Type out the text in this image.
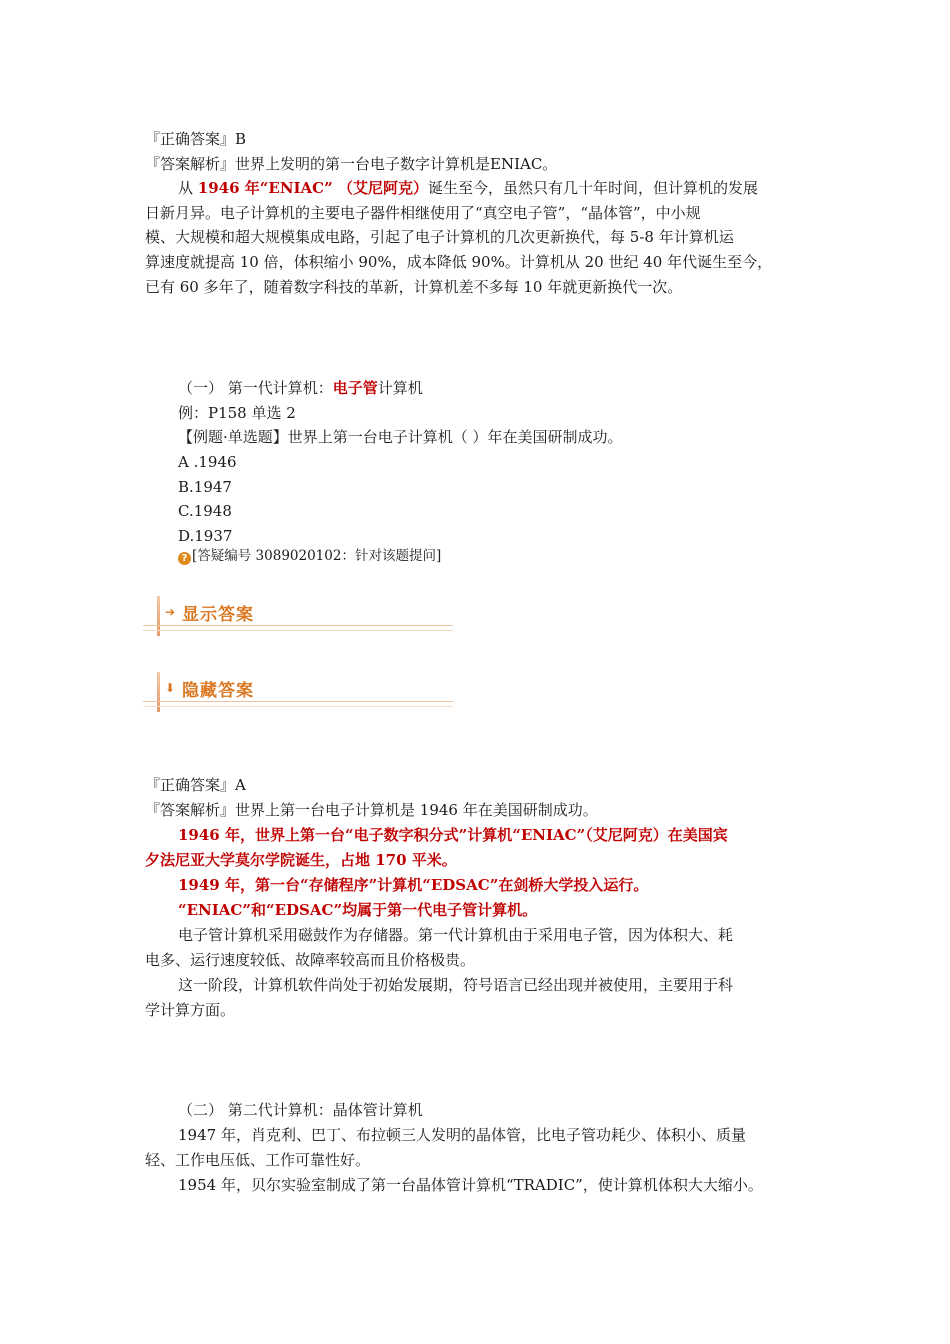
『正确答案』B
『答案解析』世界上发明的第一台电子数字计算机是ENIAC。
从 1946 年“ENIAC” （艾尼阿克）诞生至今，虽然只有几十年时间，但计算机的发展
日新月异。电子计算机的主要电子器件相继使用了“真空电子管”，“晶体管”，中小规
模、大规模和超大规模集成电路，引起了电子计算机的几次更新换代，每 5-8 年计算机运
算速度就提高 10 倍，体积缩小 90%，成本降低 90%。计算机从 20 世纪 40 年代诞生至今，
已有 60 多年了，随着数字科技的革新，计算机差不多每 10 年就更新换代一次。
（一） 第一代计算机：电子管计算机
例：P158 单选 2
【例题·单选题】世界上第一台电子计算机（ ）年在美国研制成功。
A .1946
B.1947
C.1948
D.1937
? [答疑编号 3089020102：针对该题提问]
➔ 显示答案
⬇ 隐藏答案
『正确答案』A
『答案解析』世界上第一台电子计算机是 1946 年在美国研制成功。
1946 年，世界上第一台“电子数字积分式”计算机“ENIAC”（艾尼阿克）在美国宾
夕法尼亚大学莫尔学院诞生，占地 170 平米。
1949 年，第一台“存储程序”计算机“EDSAC”在剑桥大学投入运行。
“ENIAC”和“EDSAC”均属于第一代电子管计算机。
电子管计算机采用磁鼓作为存储器。第一代计算机由于采用电子管，因为体积大、耗
电多、运行速度较低、故障率较高而且价格极贵。
这一阶段，计算机软件尚处于初始发展期，符号语言已经出现并被使用，主要用于科
学计算方面。
（二） 第二代计算机：晶体管计算机
1947 年，肖克利、巴丁、布拉顿三人发明的晶体管，比电子管功耗少、体积小、质量
轻、工作电压低、工作可靠性好。
1954 年，贝尔实验室制成了第一台晶体管计算机“TRADIC”，使计算机体积大大缩小。
